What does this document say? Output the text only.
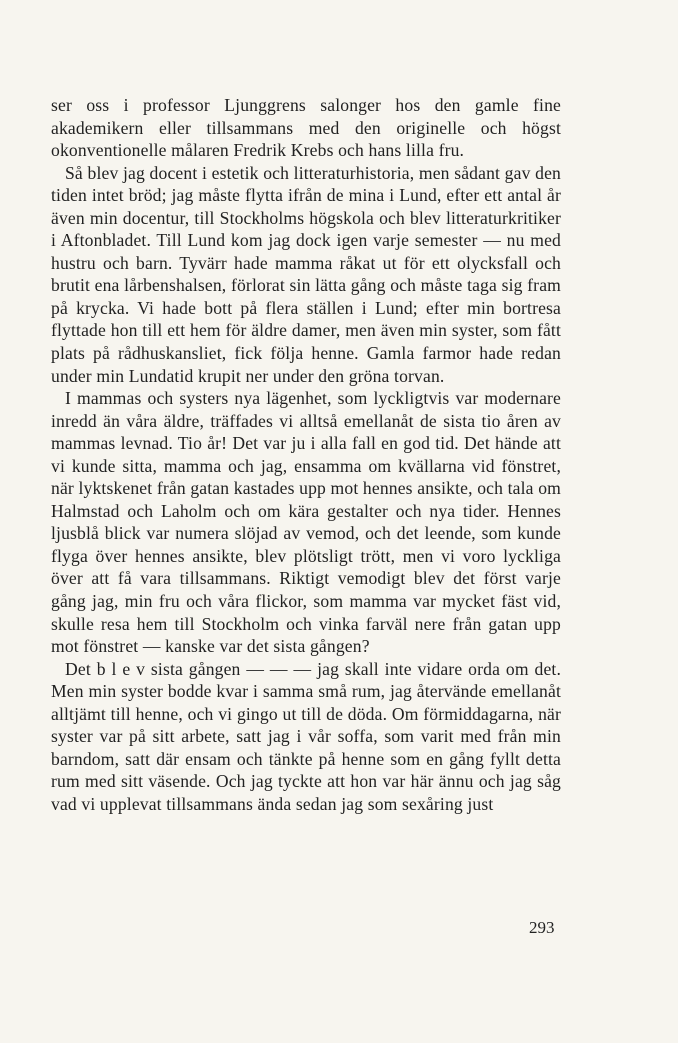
ser oss i professor Ljunggrens salonger hos den gamle fine akademikern eller tillsammans med den originelle och högst okonventionelle målaren Fredrik Krebs och hans lilla fru.

Så blev jag docent i estetik och litteraturhistoria, men sådant gav den tiden intet bröd; jag måste flytta ifrån de mina i Lund, efter ett antal år även min docentur, till Stockholms högskola och blev litteraturkritiker i Aftonbladet. Till Lund kom jag dock igen varje semester — nu med hustru och barn. Tyvärr hade mamma råkat ut för ett olycksfall och brutit ena lårbenshalsen, förlorat sin lätta gång och måste taga sig fram på krycka. Vi hade bott på flera ställen i Lund; efter min bortresa flyttade hon till ett hem för äldre damer, men även min syster, som fått plats på rådhuskansliet, fick följa henne. Gamla farmor hade redan under min Lundatid krupit ner under den gröna torvan.

I mammas och systers nya lägenhet, som lyckligtvis var modernare inredd än våra äldre, träffades vi alltså emellanåt de sista tio åren av mammas levnad. Tio år! Det var ju i alla fall en god tid. Det hände att vi kunde sitta, mamma och jag, ensamma om kvällarna vid fönstret, när lyktskenet från gatan kastades upp mot hennes ansikte, och tala om Halmstad och Laholm och om kära gestalter och nya tider. Hennes ljusblå blick var numera slöjad av vemod, och det leende, som kunde flyga över hennes ansikte, blev plötsligt trött, men vi voro lyckliga över att få vara tillsammans. Riktigt vemodigt blev det först varje gång jag, min fru och våra flickor, som mamma var mycket fäst vid, skulle resa hem till Stockholm och vinka farväl nere från gatan upp mot fönstret — kanske var det sista gången?

Det b l e v sista gången — — — jag skall inte vidare orda om det. Men min syster bodde kvar i samma små rum, jag återvände emellanåt alltjämt till henne, och vi gingo ut till de döda. Om förmiddagarna, när syster var på sitt arbete, satt jag i vår soffa, som varit med från min barndom, satt där ensam och tänkte på henne som en gång fyllt detta rum med sitt väsende. Och jag tyckte att hon var här ännu och jag såg vad vi upplevat tillsammans ända sedan jag som sexåring just

293
